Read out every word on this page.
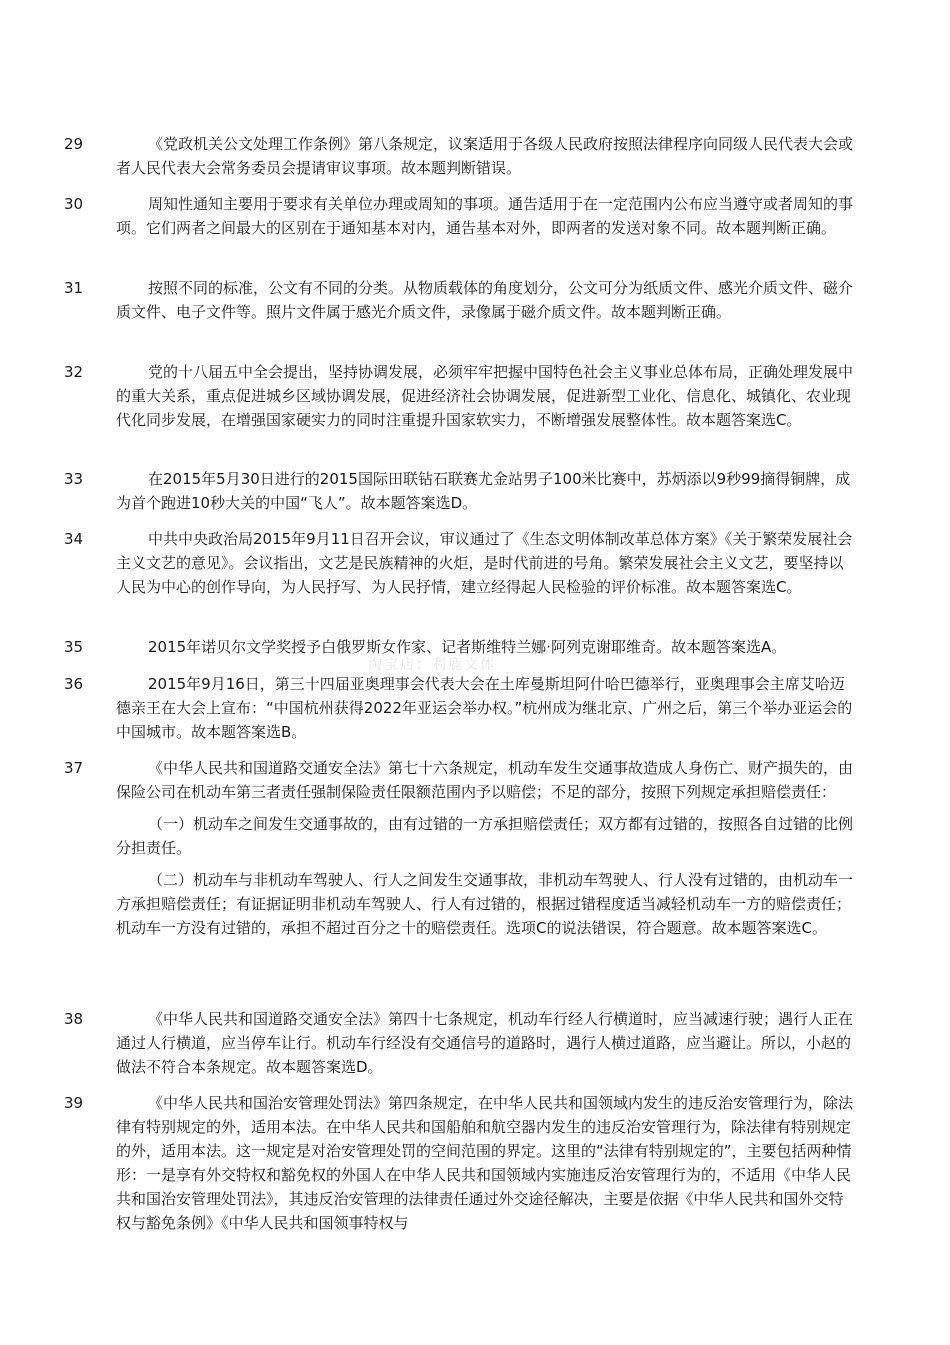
29	《党政机关公文处理工作条例》第八条规定，议案适用于各级人民政府按照法律程序向同级人民代表大会或者人民代表大会常务委员会提请审议事项。故本题判断错误。

30	周知性通知主要用于要求有关单位办理或周知的事项。通告适用于在一定范围内公布应当遵守或者周知的事项。它们两者之间最大的区别在于通知基本对内，通告基本对外，即两者的发送对象不同。故本题判断正确。

31	按照不同的标准，公文有不同的分类。从物质载体的角度划分，公文可分为纸质文件、感光介质文件、磁介质文件、电子文件等。照片文件属于感光介质文件，录像属于磁介质文件。故本题判断正确。

32	党的十八届五中全会提出，坚持协调发展，必须牢牢把握中国特色社会主义事业总体布局，正确处理发展中的重大关系，重点促进城乡区域协调发展，促进经济社会协调发展，促进新型工业化、信息化、城镇化、农业现代化同步发展，在增强国家硬实力的同时注重提升国家软实力，不断增强发展整体性。故本题答案选C。

33	在2015年5月30日进行的2015国际田联钻石联赛尤金站男子100米比赛中，苏炳添以9秒99摘得铜牌，成为首个跑进10秒大关的中国“飞人”。故本题答案选D。

34	中共中央政治局2015年9月11日召开会议，审议通过了《生态文明体制改革总体方案》《关于繁荣发展社会主义文艺的意见》。会议指出，文艺是民族精神的火炬，是时代前进的号角。繁荣发展社会主义文艺，要坚持以人民为中心的创作导向，为人民抒写、为人民抒情，建立经得起人民检验的评价标准。故本题答案选C。

35	2015年诺贝尔文学奖授予白俄罗斯女作家、记者斯维特兰娜·阿列克谢耶维奇。故本题答案选A。

36	2015年9月16日，第三十四届亚奥理事会代表大会在土库曼斯坦阿什哈巴德举行，亚奥理事会主席艾哈迈德亲王在大会上宣布：“中国杭州获得2022年亚运会举办权。”杭州成为继北京、广州之后，第三个举办亚运会的中国城市。故本题答案选B。

37	《中华人民共和国道路交通安全法》第七十六条规定，机动车发生交通事故造成人身伤亡、财产损失的，由保险公司在机动车第三者责任强制保险责任限额范围内予以赔偿；不足的部分，按照下列规定承担赔偿责任：

（一）机动车之间发生交通事故的，由有过错的一方承担赔偿责任；双方都有过错的，按照各自过错的比例分担责任。

（二）机动车与非机动车驾驶人、行人之间发生交通事故，非机动车驾驶人、行人没有过错的，由机动车一方承担赔偿责任；有证据证明非机动车驾驶人、行人有过错的，根据过错程度适当减轻机动车一方的赔偿责任；机动车一方没有过错的，承担不超过百分之十的赔偿责任。选项C的说法错误，符合题意。故本题答案选C。

38	《中华人民共和国道路交通安全法》第四十七条规定，机动车行经人行横道时，应当减速行驶；遇行人正在通过人行横道，应当停车让行。机动车行经没有交通信号的道路时，遇行人横过道路，应当避让。所以，小赵的做法不符合本条规定。故本题答案选D。

39	《中华人民共和国治安管理处罚法》第四条规定，在中华人民共和国领域内发生的违反治安管理行为，除法律有特别规定的外，适用本法。在中华人民共和国船舶和航空器内发生的违反治安管理行为，除法律有特别规定的外，适用本法。这一规定是对治安管理处罚的空间范围的界定。这里的“法律有特别规定的”，主要包括两种情形：一是享有外交特权和豁免权的外国人在中华人民共和国领域内实施违反治安管理行为的，不适用《中华人民共和国治安管理处罚法》，其违反治安管理的法律责任通过外交途径解决，主要是依据《中华人民共和国外交特权与豁免条例》《中华人民共和国领事特权与

淘宝店：利鹿文体
